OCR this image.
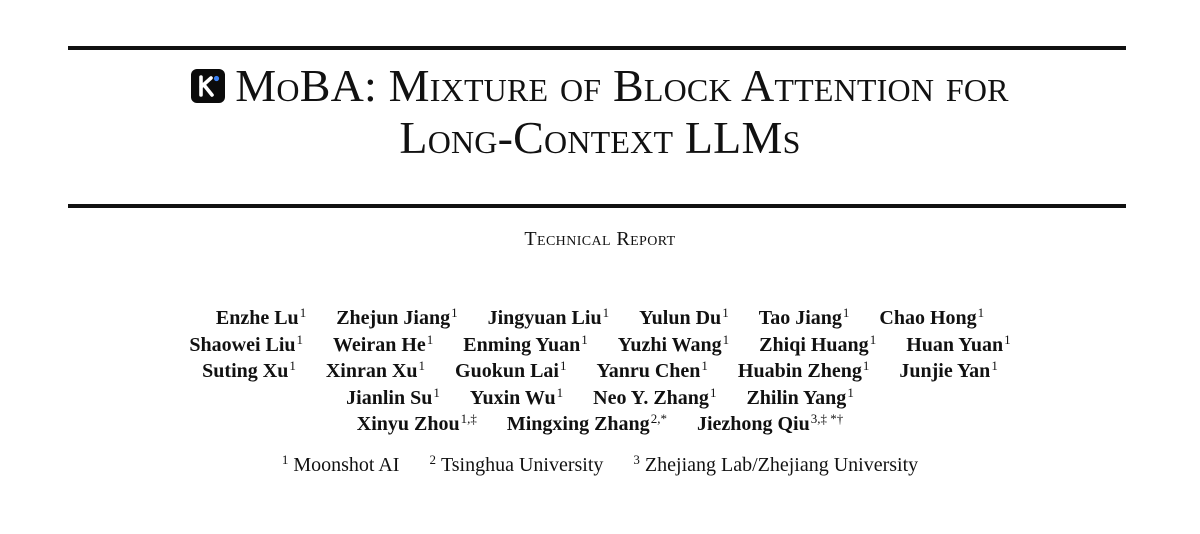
MoBA: Mixture of Block Attention for
Long-Context LLMs
Technical Report
Enzhe Lu$^1$ Zhejun Jiang$^1$ Jingyuan Liu$^1$ Yulun Du$^1$ Tao Jiang$^1$ Chao Hong$^1$
Shaowei Liu$^1$ Weiran He$^1$ Enming Yuan$^1$ Yuzhi Wang$^1$ Zhiqi Huang$^1$ Huan Yuan$^1$
Suting Xu$^1$ Xinran Xu$^1$ Guokun Lai$^1$ Yanru Chen$^1$ Huabin Zheng$^1$ Junjie Yan$^1$
Jianlin Su$^1$ Yuxin Wu$^1$ Neo Y. Zhang$^1$ Zhilin Yang$^1$
Xinyu Zhou$^{1,\ddagger}$ Mingxing Zhang$^{2,*}$ Jiezhong Qiu$^{3,\ddagger *\dagger}$
$^1$ Moonshot AI $^2$ Tsinghua University $^3$ Zhejiang Lab/Zhejiang University
